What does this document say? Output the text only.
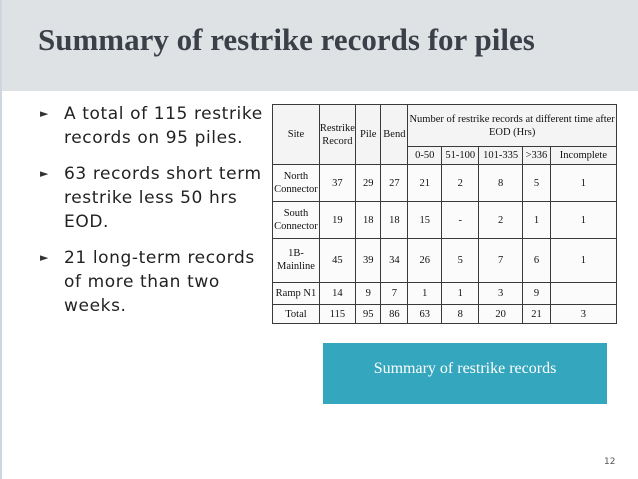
Summary of restrike records for piles
► A total of 115 restrike records on 95 piles.
► 63 records short term restrike less 50 hrs EOD.
► 21 long-term records of more than two weeks.
Site	Restrike Record	Pile	Bend	Number of restrike records at different time after EOD (Hrs)				
				0-50	51-100	101-335	>336	Incomplete
North Connector	37	29	27	21	2	8	5	1
South Connector	19	18	18	15	-	2	1	1
1B-Mainline	45	39	34	26	5	7	6	1
Ramp N1	14	9	7	1	1	3	9	
Total	115	95	86	63	8	20	21	3
Summary of restrike records
12
